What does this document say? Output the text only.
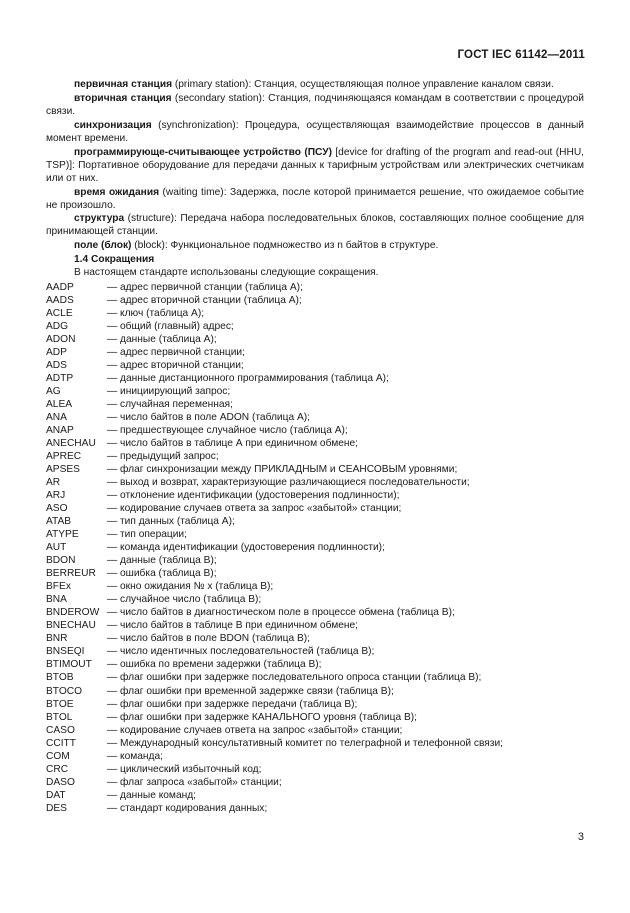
ГОСТ IEC 61142—2011

первичная станция (primary station): Станция, осуществляющая полное управление каналом связи.

вторичная станция (secondary station): Станция, подчиняющаяся командам в соответствии с процедурой связи.

синхронизация (synchronization): Процедура, осуществляющая взаимодействие процессов в данный момент времени.

программирующе-считывающее устройство (ПСУ) [device for drafting of the program and read-out (HHU, TSP)]: Портативное оборудование для передачи данных к тарифным устройствам или электрических счетчикам или от них.

время ожидания (waiting time): Задержка, после которой принимается решение, что ожидаемое событие не произошло.

структура (structure): Передача набора последовательных блоков, составляющих полное сообщение для принимающей станции.

поле (блок) (block): Функциональное подмножество из n байтов в структуре.

1.4 Сокращения
В настоящем стандарте использованы следующие сокращения.
AADP	— адрес первичной станции (таблица А);
AADS	— адрес вторичной станции (таблица А);
ACLE	— ключ (таблица А);
ADG	— общий (главный) адрес;
ADON	— данные (таблица А);
ADP	— адрес первичной станции;
ADS	— адрес вторичной станции;
ADTP	— данные дистанционного программирования (таблица А);
AG	— инициирующий запрос;
ALEA	— случайная переменная;
ANA	— число байтов в поле ADON (таблица А);
ANAP	— предшествующее случайное число (таблица А);
ANECHAU	— число байтов в таблице А при единичном обмене;
APREC	— предыдущий запрос;
APSES	— флаг синхронизации между ПРИКЛАДНЫМ и СЕАНСОВЫМ уровнями;
AR	— выход и возврат, характеризующие различающиеся последовательности;
ARJ	— отклонение идентификации (удостоверения подлинности);
ASO	— кодирование случаев ответа за запрос «забытой» станции;
ATAB	— тип данных (таблица А);
ATYPE	— тип операции;
AUT	— команда идентификации (удостоверения подлинности);
BDON	— данные (таблица В);
BERREUR	— ошибка (таблица В);
BFEx	— окно ожидания № x (таблица В);
BNA	— случайное число (таблица В);
BNDEROW — число байтов в диагностическом поле в процессе обмена (таблица В);
BNECHAU	— число байтов в таблице В при единичном обмене;
BNR	— число байтов в поле BDON (таблица В);
BNSEQI	— число идентичных последовательностей (таблица В);
BTIMOUT	— ошибка по времени задержки (таблица В);
BTOB	— флаг ошибки при задержке последовательного опроса станции (таблица В);
BTOCO	— флаг ошибки при временной задержке связи (таблица В);
BTOE	— флаг ошибки при задержке передачи (таблица В);
BTOL	— флаг ошибки при задержке КАНАЛЬНОГО уровня (таблица В);
CASO	— кодирование случаев ответа на запрос «забытой» станции;
CCITT	— Международный консультативный комитет по телеграфной и телефонной связи;
COM	— команда;
CRC	— циклический избыточный код;
DASO	— флаг запроса «забытой» станции;
DAT	— данные команд;
DES	— стандарт кодирования данных;
3
